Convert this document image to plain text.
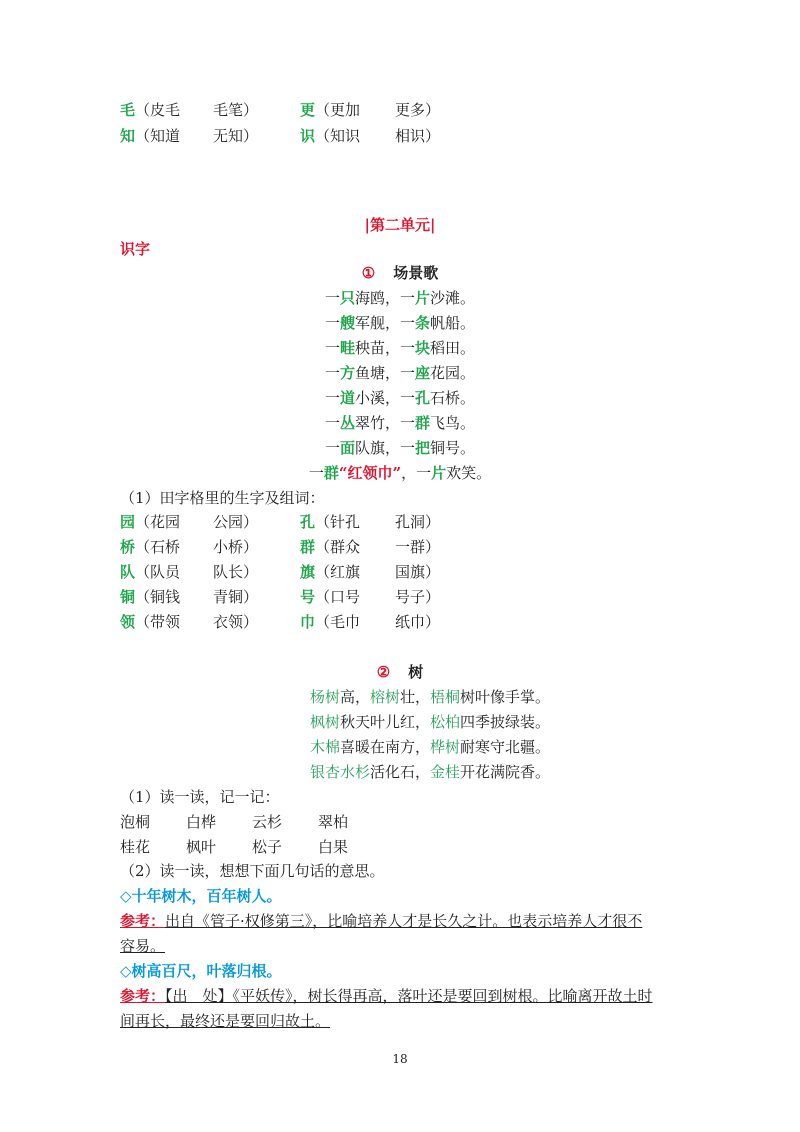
毛（皮毛 毛笔）	更（更加 更多）
知（知道 无知）	识（知识 相识）
|第二单元|
识字
① 场景歌
一只海鸥，一片沙滩。
一艘军舰，一条帆船。
一畦秧苗，一块稻田。
一方鱼塘，一座花园。
一道小溪，一孔石桥。
一丛翠竹，一群飞鸟。
一面队旗，一把铜号。
一群“红领巾”，一片欢笑。
（1）田字格里的生字及组词：
园（花园 公园）	孔（针孔 孔洞）
桥（石桥 小桥）	群（群众 一群）
队（队员 队长）	旗（红旗 国旗）
铜（铜钱 青铜）	号（口号 号子）
领（带领 衣领）	巾（毛巾 纸巾）
② 树
杨树高，榕树壮，梧桐树叶像手掌。
枫树秋天叶儿红，松柏四季披绿装。
木棉喜暖在南方，桦树耐寒守北疆。
银杏水杉活化石，金桂开花满院香。
（1）读一读，记一记：
泡桐 白桦 云杉 翠柏
桂花 枫叶 松子 白果
（2）读一读，想想下面几句话的意思。
◇十年树木，百年树人。
参考：出自《管子·权修第三》，比喻培养人才是长久之计。也表示培养人才很不
容易。
◇树高百尺，叶落归根。
参考：【出　处】《平妖传》，树长得再高，落叶还是要回到树根。比喻离开故土时
间再长，最终还是要回归故土。
18
